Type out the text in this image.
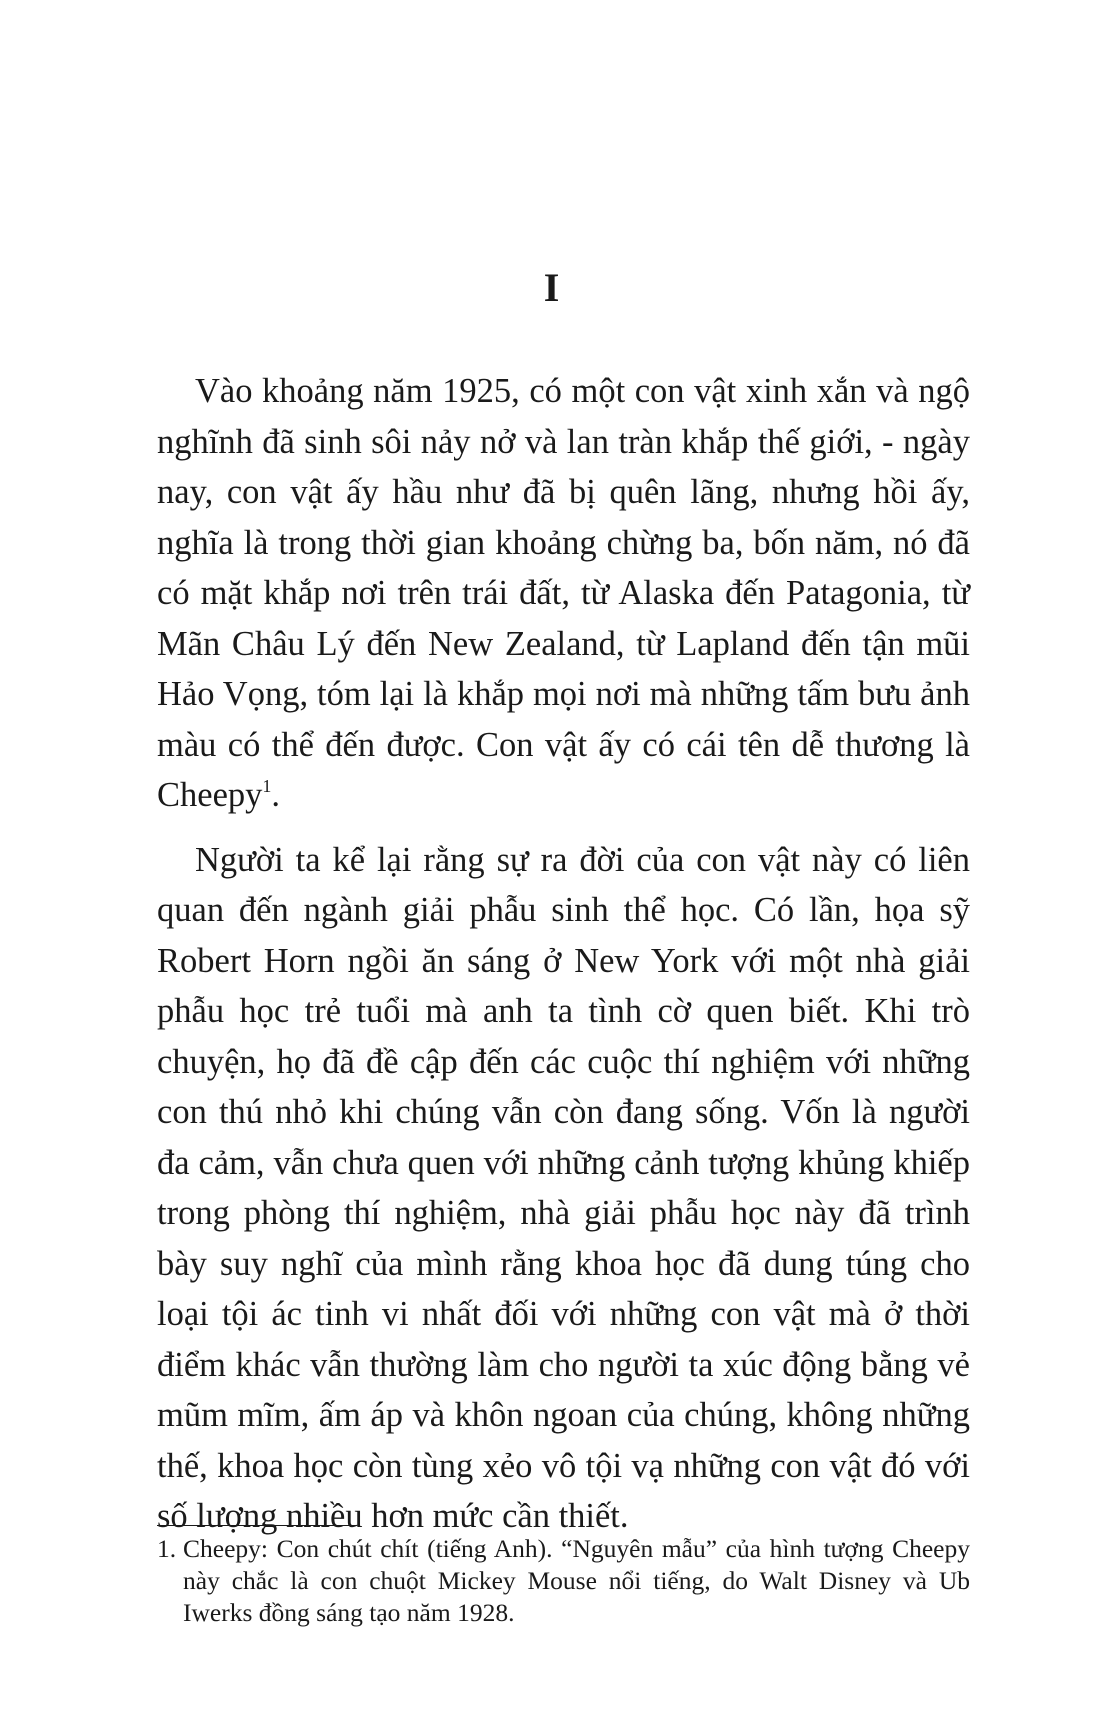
I

Vào khoảng năm 1925, có một con vật xinh xắn và ngộ nghĩnh đã sinh sôi nảy nở và lan tràn khắp thế giới, - ngày nay, con vật ấy hầu như đã bị quên lãng, nhưng hồi ấy, nghĩa là trong thời gian khoảng chừng ba, bốn năm, nó đã có mặt khắp nơi trên trái đất, từ Alaska đến Patagonia, từ Mãn Châu Lý đến New Zealand, từ Lapland đến tận mũi Hảo Vọng, tóm lại là khắp mọi nơi mà những tấm bưu ảnh màu có thể đến được. Con vật ấy có cái tên dễ thương là Cheepy$^1$.

Người ta kể lại rằng sự ra đời của con vật này có liên quan đến ngành giải phẫu sinh thể học. Có lần, họa sỹ Robert Horn ngồi ăn sáng ở New York với một nhà giải phẫu học trẻ tuổi mà anh ta tình cờ quen biết. Khi trò chuyện, họ đã đề cập đến các cuộc thí nghiệm với những con thú nhỏ khi chúng vẫn còn đang sống. Vốn là người đa cảm, vẫn chưa quen với những cảnh tượng khủng khiếp trong phòng thí nghiệm, nhà giải phẫu học này đã trình bày suy nghĩ của mình rằng khoa học đã dung túng cho loại tội ác tinh vi nhất đối với những con vật mà ở thời điểm khác vẫn thường làm cho người ta xúc động bằng vẻ mũm mĩm, ấm áp và khôn ngoan của chúng, không những thế, khoa học còn tùng xẻo vô tội vạ những con vật đó với số lượng nhiều hơn mức cần thiết.

1. Cheepy: Con chút chít (tiếng Anh). “Nguyên mẫu” của hình tượng Cheepy này chắc là con chuột Mickey Mouse nổi tiếng, do Walt Disney và Ub Iwerks đồng sáng tạo năm 1928.
